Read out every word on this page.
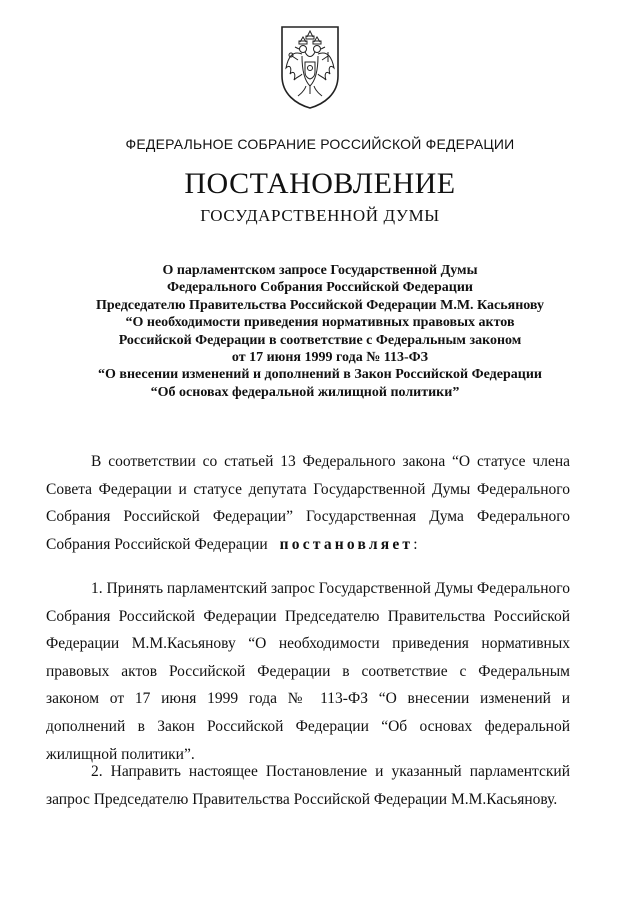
ФЕДЕРАЛЬНОЕ СОБРАНИЕ РОССИЙСКОЙ ФЕДЕРАЦИИ
ПОСТАНОВЛЕНИЕ
ГОСУДАРСТВЕННОЙ ДУМЫ
О парламентском запросе Государственной Думы
Федерального Собрания Российской Федерации
Председателю Правительства Российской Федерации М.М. Касьянову
“О необходимости приведения нормативных правовых актов
Российской Федерации в соответствие с Федеральным законом
от 17 июня 1999 года № 113-ФЗ
“О внесении изменений и дополнений в Закон Российской Федерации
“Об основах федеральной жилищной политики”
В соответствии со статьей 13 Федерального закона “О статусе члена Совета Федерации и статусе депутата Государственной Думы Федерального Собрания Российской Федерации” Государственная Дума Федерального Собрания Российской Федерации постановляет:
1. Принять парламентский запрос Государственной Думы Федерального Собрания Российской Федерации Председателю Правительства Российской Федерации М.М.Касьянову “О необходимости приведения нормативных правовых актов Российской Федерации в соответствие с Федеральным законом от 17 июня 1999 года № 113-ФЗ “О внесении изменений и дополнений в Закон Российской Федерации “Об основах федеральной жилищной политики”.
2. Направить настоящее Постановление и указанный парламентский запрос Председателю Правительства Российской Федерации М.М.Касьянову.
